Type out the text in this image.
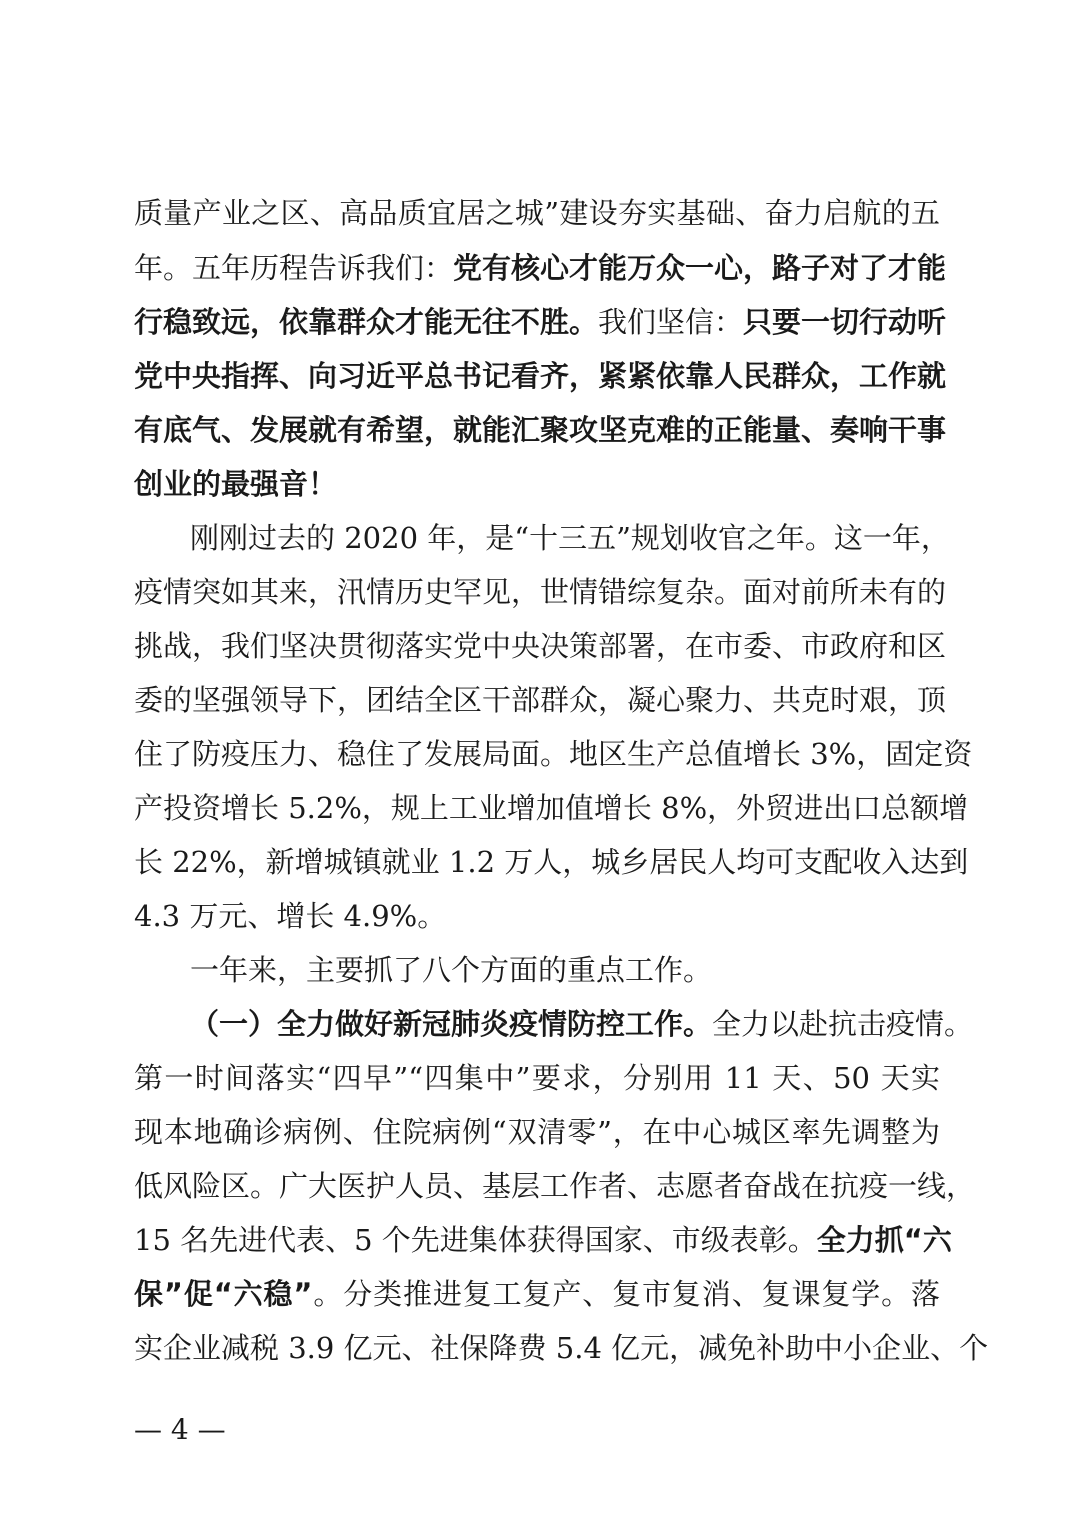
质量产业之区、高品质宜居之城”建设夯实基础、奋力启航的五
年。五年历程告诉我们：党有核心才能万众一心，路子对了才能
行稳致远，依靠群众才能无往不胜。我们坚信：只要一切行动听
党中央指挥、向习近平总书记看齐，紧紧依靠人民群众，工作就
有底气、发展就有希望，就能汇聚攻坚克难的正能量、奏响干事
创业的最强音！
刚刚过去的 2020 年，是“十三五”规划收官之年。这一年，
疫情突如其来，汛情历史罕见，世情错综复杂。面对前所未有的
挑战，我们坚决贯彻落实党中央决策部署，在市委、市政府和区
委的坚强领导下，团结全区干部群众，凝心聚力、共克时艰，顶
住了防疫压力、稳住了发展局面。地区生产总值增长 3%，固定资
产投资增长 5.2%，规上工业增加值增长 8%，外贸进出口总额增
长 22%，新增城镇就业 1.2 万人，城乡居民人均可支配收入达到
4.3 万元、增长 4.9%。
一年来，主要抓了八个方面的重点工作。
（一）全力做好新冠肺炎疫情防控工作。全力以赴抗击疫情。
第一时间落实“四早”“四集中”要求，分别用 11 天、50 天实
现本地确诊病例、住院病例“双清零”，在中心城区率先调整为
低风险区。广大医护人员、基层工作者、志愿者奋战在抗疫一线，
15 名先进代表、5 个先进集体获得国家、市级表彰。全力抓“六
保”促“六稳”。分类推进复工复产、复市复消、复课复学。落
实企业减税 3.9 亿元、社保降费 5.4 亿元，减免补助中小企业、个
— 4 —
